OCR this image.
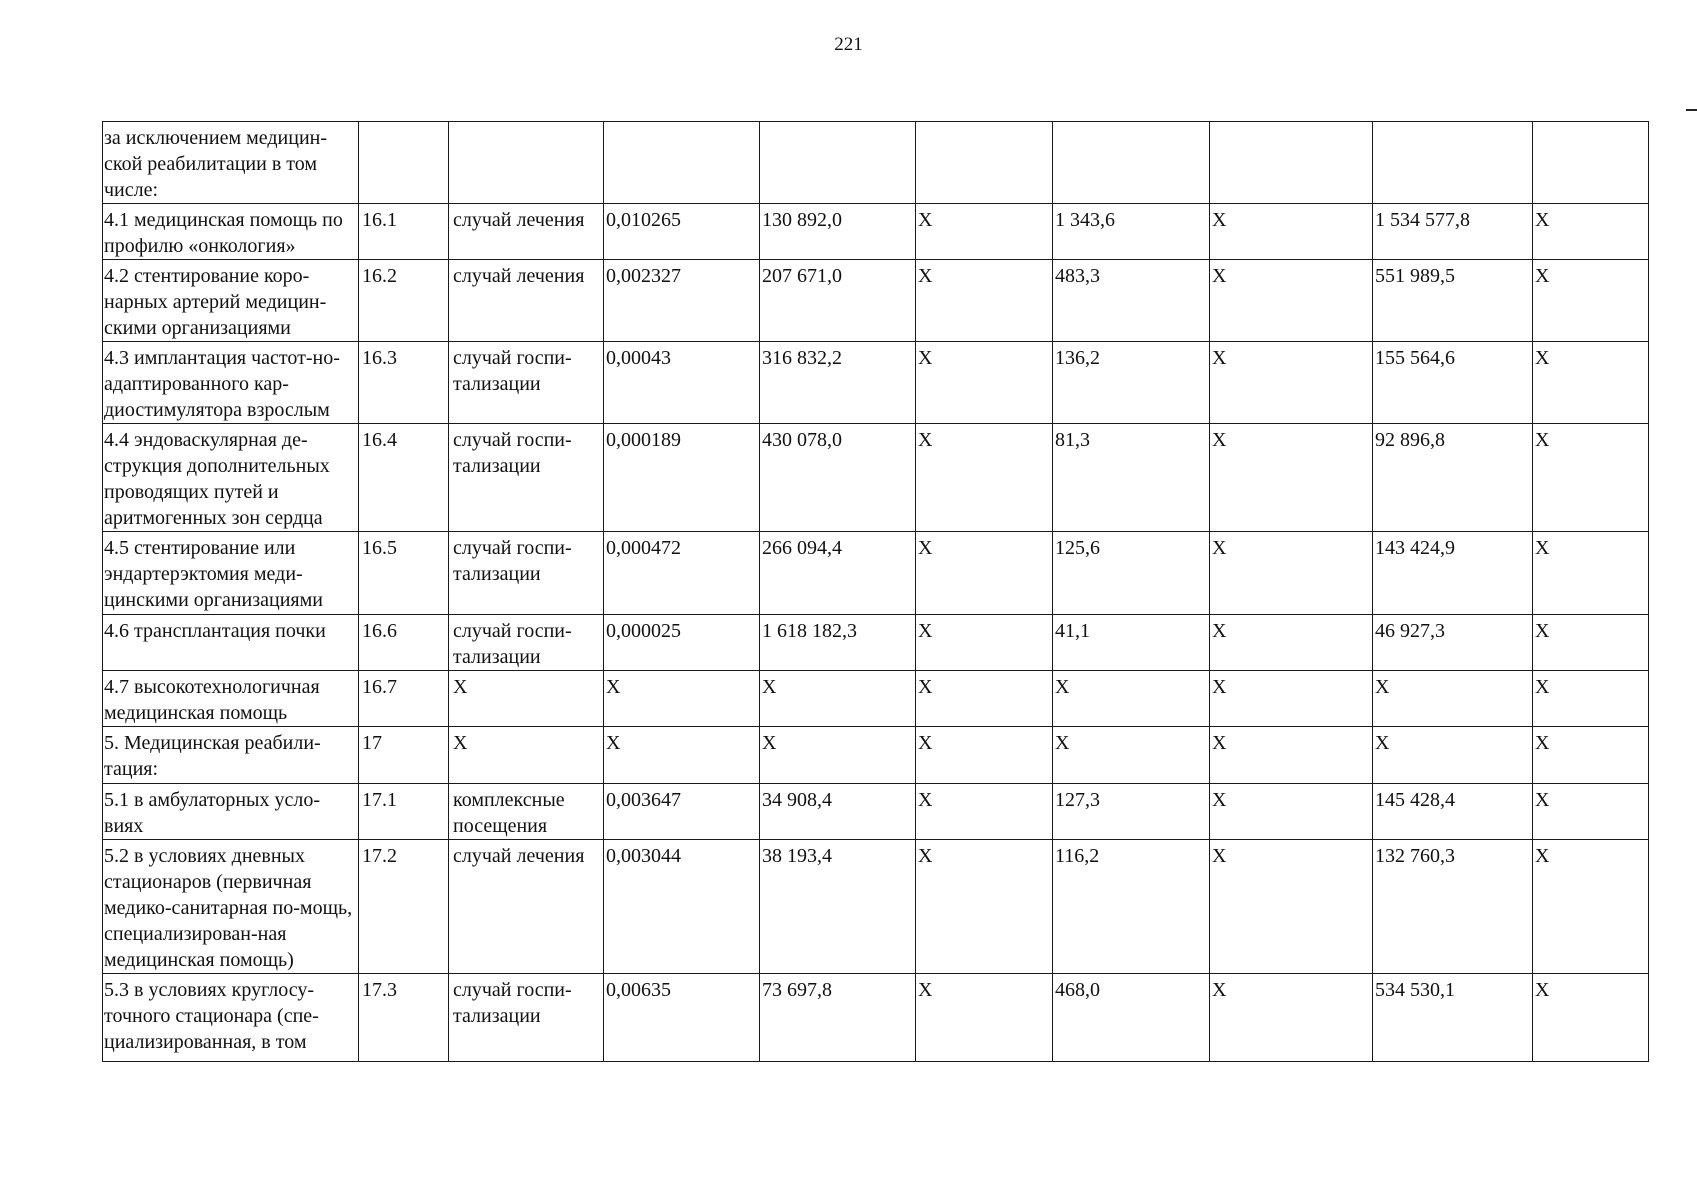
221
за исключением медицин-ской реабилитации в том числе:									
4.1 медицинская помощь по профилю «онкология»	16.1	случай лечения	0,010265	130 892,0	X	1 343,6	X	1 534 577,8	X
4.2 стентирование коро-нарных артерий медицин-скими организациями	16.2	случай лечения	0,002327	207 671,0	X	483,3	X	551 989,5	X
4.3 имплантация частот-но-адаптированного кар-диостимулятора взрослым	16.3	случай госпи-тализации	0,00043	316 832,2	X	136,2	X	155 564,6	X
4.4 эндоваскулярная де-струкция дополнительных проводящих путей и аритмогенных зон сердца	16.4	случай госпи-тализации	0,000189	430 078,0	X	81,3	X	92 896,8	X
4.5 стентирование или эндартерэктомия меди-цинскими организациями	16.5	случай госпи-тализации	0,000472	266 094,4	X	125,6	X	143 424,9	X
4.6 трансплантация почки	16.6	случай госпи-тализации	0,000025	1 618 182,3	X	41,1	X	46 927,3	X
4.7 высокотехнологичная медицинская помощь	16.7	X	X	X	X	X	X	X	X
5. Медицинская реабили-тация:	17	X	X	X	X	X	X	X	X
5.1 в амбулаторных усло-виях	17.1	комплексные посещения	0,003647	34 908,4	X	127,3	X	145 428,4	X
5.2 в условиях дневных стационаров (первичная медико-санитарная по-мощь, специализирован-ная медицинская помощь)	17.2	случай лечения	0,003044	38 193,4	X	116,2	X	132 760,3	X
5.3 в условиях круглосу-точного стационара (спе-циализированная, в том	17.3	случай госпи-тализации	0,00635	73 697,8	X	468,0	X	534 530,1	X
